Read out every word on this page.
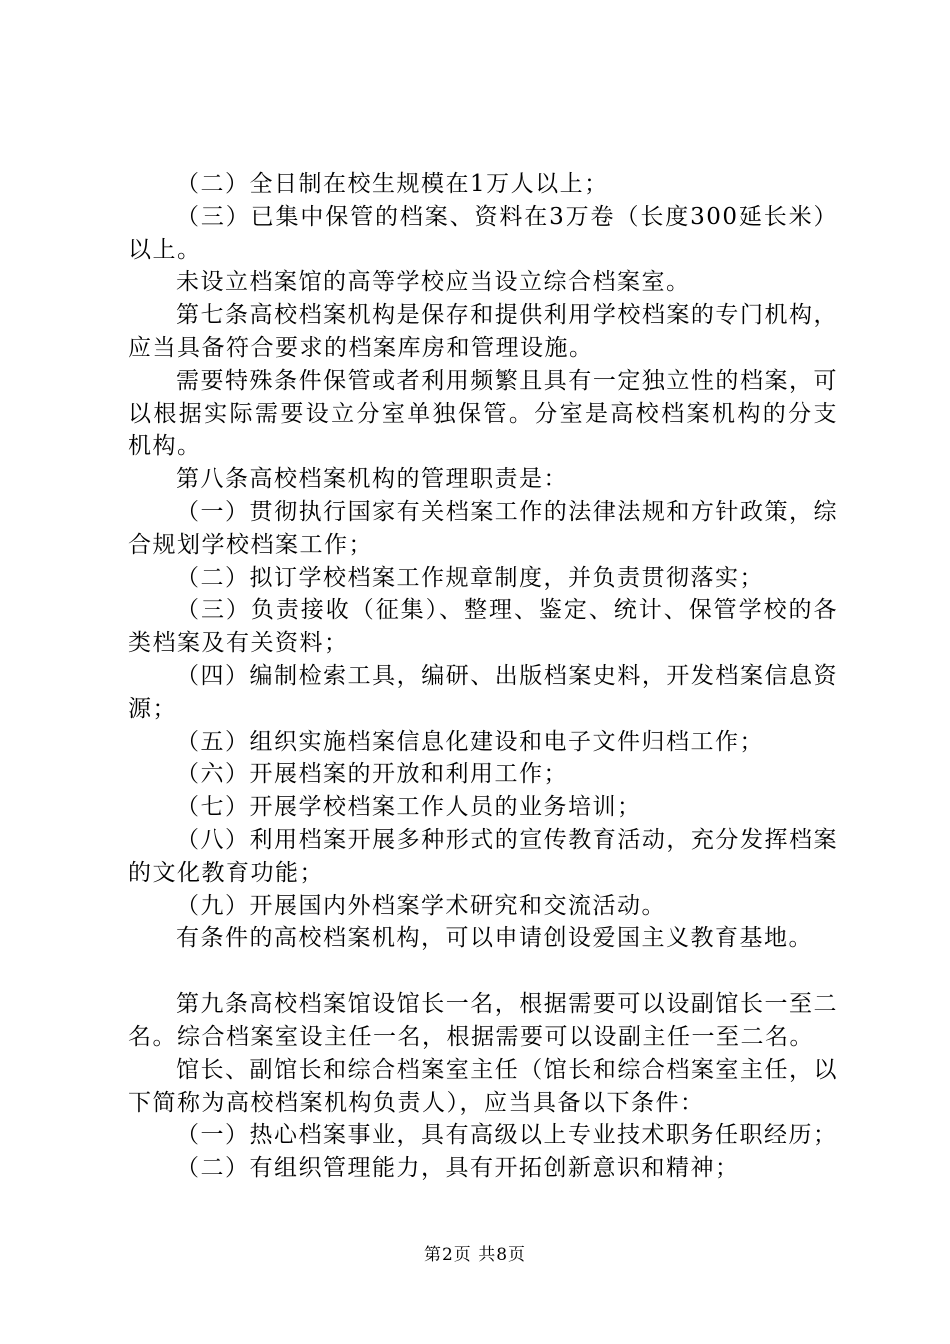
（二）全日制在校生规模在1万人以上；

（三）已集中保管的档案、资料在3万卷（长度300延长米）以上。

未设立档案馆的高等学校应当设立综合档案室。

第七条高校档案机构是保存和提供利用学校档案的专门机构，应当具备符合要求的档案库房和管理设施。

需要特殊条件保管或者利用频繁且具有一定独立性的档案，可以根据实际需要设立分室单独保管。分室是高校档案机构的分支机构。

第八条高校档案机构的管理职责是：

（一）贯彻执行国家有关档案工作的法律法规和方针政策，综合规划学校档案工作；

（二）拟订学校档案工作规章制度，并负责贯彻落实；

（三）负责接收（征集）、整理、鉴定、统计、保管学校的各类档案及有关资料；

（四）编制检索工具，编研、出版档案史料，开发档案信息资源；

（五）组织实施档案信息化建设和电子文件归档工作；

（六）开展档案的开放和利用工作；

（七）开展学校档案工作人员的业务培训；

（八）利用档案开展多种形式的宣传教育活动，充分发挥档案的文化教育功能；

（九）开展国内外档案学术研究和交流活动。

有条件的高校档案机构，可以申请创设爱国主义教育基地。

第九条高校档案馆设馆长一名，根据需要可以设副馆长一至二名。综合档案室设主任一名，根据需要可以设副主任一至二名。

馆长、副馆长和综合档案室主任（馆长和综合档案室主任，以下简称为高校档案机构负责人），应当具备以下条件：

（一）热心档案事业，具有高级以上专业技术职务任职经历；

（二）有组织管理能力，具有开拓创新意识和精神；

第2页 共8页
